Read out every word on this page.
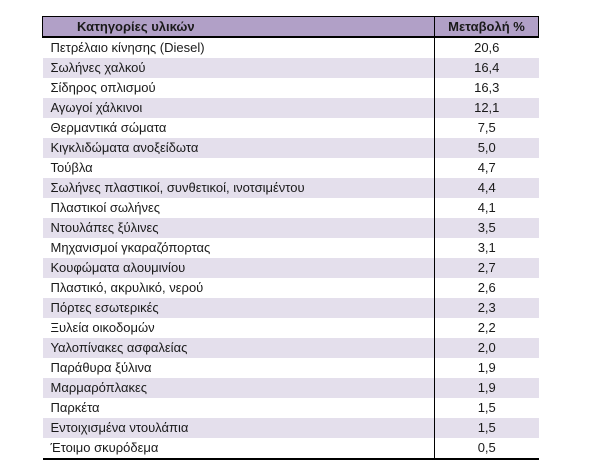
Κατηγορίες υλικών	Μεταβολή %
Πετρέλαιο κίνησης (Diesel)	20,6
Σωλήνες χαλκού	16,4
Σίδηρος οπλισμού	16,3
Αγωγοί χάλκινοι	12,1
Θερμαντικά σώματα	7,5
Κιγκλιδώματα ανοξείδωτα	5,0
Τούβλα	4,7
Σωλήνες πλαστικοί, συνθετικοί, ινοτσιμέντου	4,4
Πλαστικοί σωλήνες	4,1
Ντουλάπες ξύλινες	3,5
Μηχανισμοί γκαραζόπορτας	3,1
Κουφώματα αλουμινίου	2,7
Πλαστικό, ακρυλικό, νερού	2,6
Πόρτες εσωτερικές	2,3
Ξυλεία οικοδομών	2,2
Υαλοπίνακες ασφαλείας	2,0
Παράθυρα ξύλινα	1,9
Μαρμαρόπλακες	1,9
Παρκέτα	1,5
Εντοιχισμένα ντουλάπια	1,5
Έτοιμο σκυρόδεμα	0,5
